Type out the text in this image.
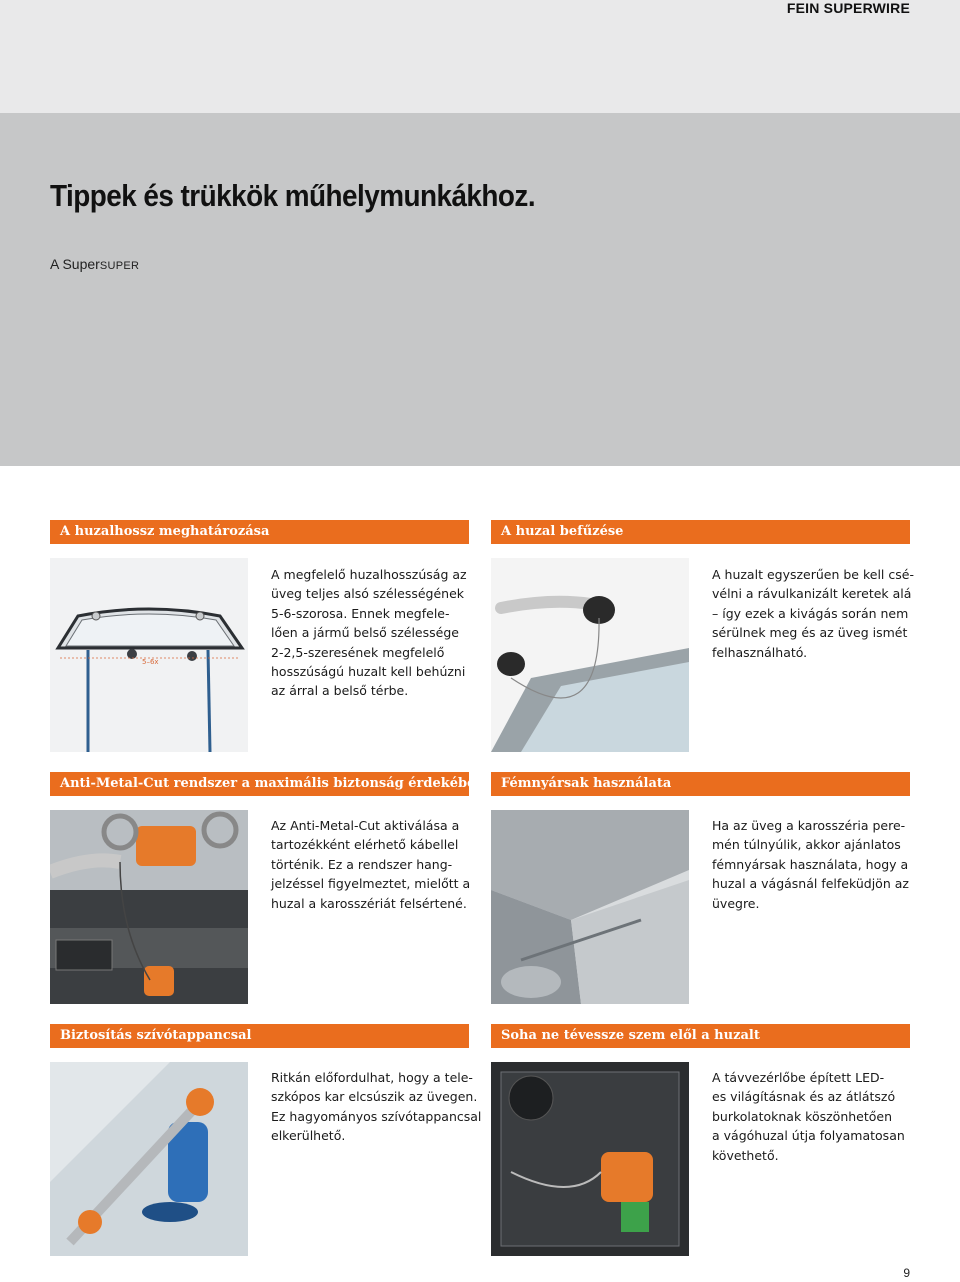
FEIN SUPERWIRE
Tippek és trükkök műhelymunkákhoz.

A SuperSUPER

A huzalhossz meghatározása
5–6x

A megfelelő huzalhosszúság az
üveg teljes alsó szélességének
5-6-szorosa. Ennek megfele-
lően a jármű belső szélessége
2-2,5-szeresének megfelelő
hosszúságú huzalt kell behúzni
az árral a belső térbe.

A huzal befűzése

A huzalt egyszerűen be kell csé-
vélni a rávulkanizált keretek alá
– így ezek a kivágás során nem
sérülnek meg és az üveg ismét
felhasználható.

Anti-Metal-Cut rendszer a maximális biztonság érdekében

Az Anti-Metal-Cut aktiválása a
tartozékként elérhető kábellel
történik. Ez a rendszer hang-
jelzéssel figyelmeztet, mielőtt a
huzal a karosszériát felsértené.

Fémnyársak használata

Ha az üveg a karosszéria pere-
mén túlnyúlik, akkor ajánlatos
fémnyársak használata, hogy a
huzal a vágásnál felfeküdjön az
üvegre.

Biztosítás szívótappancsal

Ritkán előfordulhat, hogy a tele-
szkópos kar elcsúszik az üvegen.
Ez hagyományos szívótappancsal
elkerülhető.

Soha ne tévessze szem elől a huzalt

A távvezérlőbe épített LED-
es világításnak és az átlátszó
burkolatoknak köszönhetően
a vágóhuzal útja folyamatosan
követhető.

9
